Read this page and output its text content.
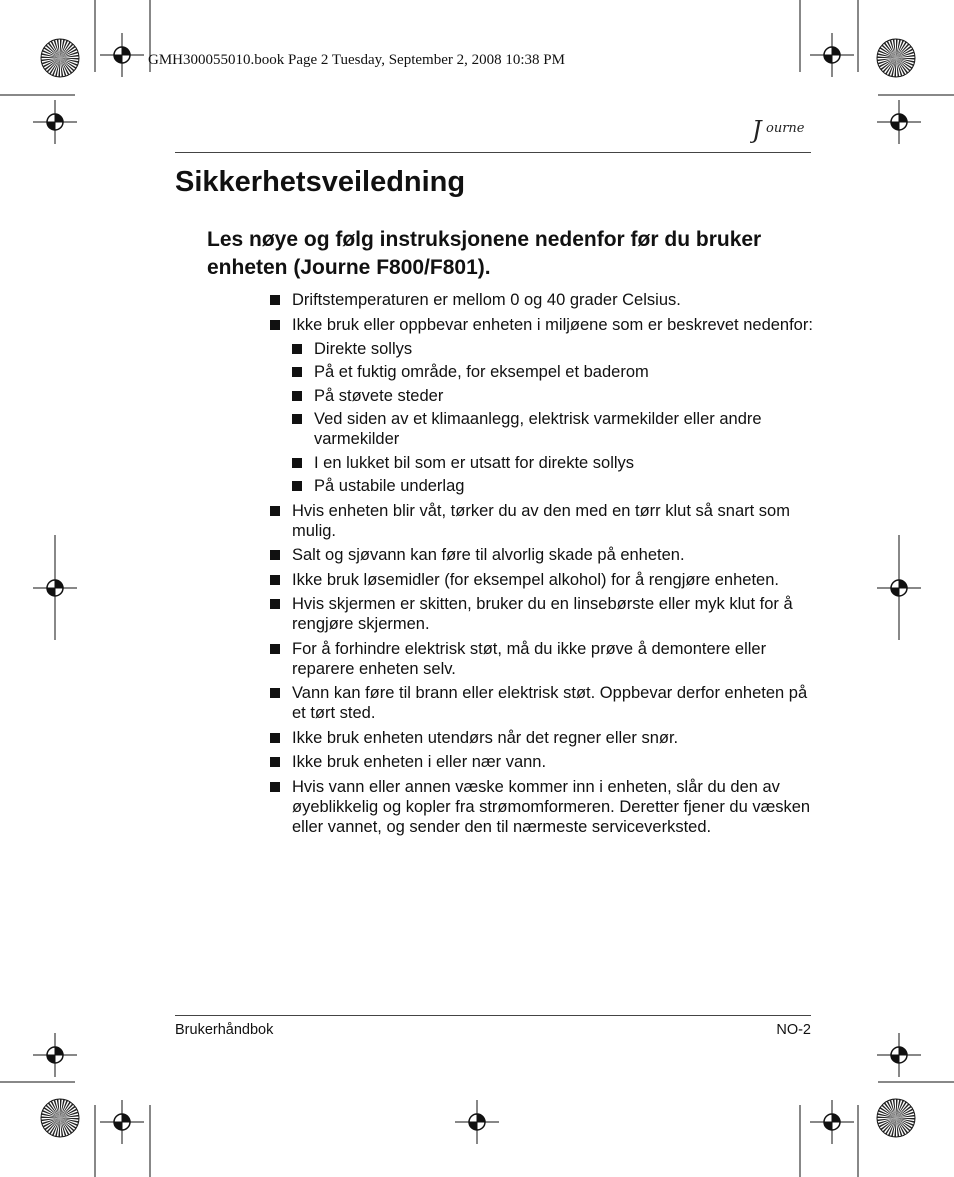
GMH300055010.book Page 2 Tuesday, September 2, 2008 10:38 PM
J ourne
Sikkerhetsveiledning
Les nøye og følg instruksjonene nedenfor før du bruker enheten (Journe F800/F801).
Driftstemperaturen er mellom 0 og 40 grader Celsius.
Ikke bruk eller oppbevar enheten i miljøene som er beskrevet nedenfor:
Direkte sollys
På et fuktig område, for eksempel et baderom
På støvete steder
Ved siden av et klimaanlegg, elektrisk varmekilder eller andre varmekilder
I en lukket bil som er utsatt for direkte sollys
På ustabile underlag
Hvis enheten blir våt, tørker du av den med en tørr klut så snart som mulig.
Salt og sjøvann kan føre til alvorlig skade på enheten.
Ikke bruk løsemidler (for eksempel alkohol) for å rengjøre enheten.
Hvis skjermen er skitten, bruker du en linsebørste eller myk klut for å rengjøre skjermen.
For å forhindre elektrisk støt, må du ikke prøve å demontere eller reparere enheten selv.
Vann kan føre til brann eller elektrisk støt. Oppbevar derfor enheten på et tørt sted.
Ikke bruk enheten utendørs når det regner eller snør.
Ikke bruk enheten i eller nær vann.
Hvis vann eller annen væske kommer inn i enheten, slår du den av øyeblikkelig og kopler fra strømomformeren. Deretter fjener du væsken eller vannet, og sender den til nærmeste serviceverksted.
Brukerhåndbok	NO-2
